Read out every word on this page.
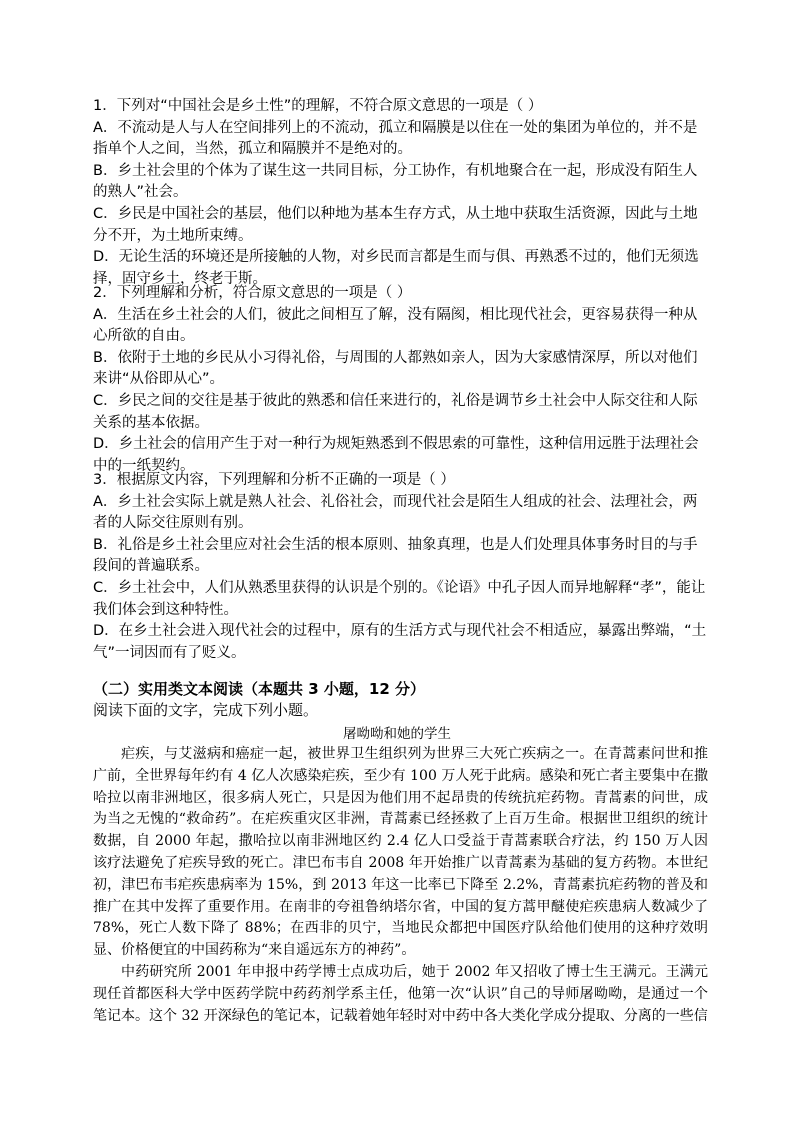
1．下列对“中国社会是乡土性”的理解，不符合原文意思的一项是（ ）

A．不流动是人与人在空间排列上的不流动，孤立和隔膜是以住在一处的集团为单位的，并不是指单个人之间，当然，孤立和隔膜并不是绝对的。

B．乡土社会里的个体为了谋生这一共同目标，分工协作，有机地聚合在一起，形成没有陌生人的熟人”社会。

C．乡民是中国社会的基层，他们以种地为基本生存方式，从土地中获取生活资源，因此与土地分不开，为土地所束缚。

D．无论生活的环境还是所接触的人物，对乡民而言都是生而与俱、再熟悉不过的，他们无须选择，固守乡土，终老于斯。

2．下列理解和分析，符合原文意思的一项是（ ）

A．生活在乡土社会的人们，彼此之间相互了解，没有隔阂，相比现代社会，更容易获得一种从心所欲的自由。

B．依附于土地的乡民从小习得礼俗，与周围的人都熟如亲人，因为大家感情深厚，所以对他们来讲“从俗即从心”。

C．乡民之间的交往是基于彼此的熟悉和信任来进行的，礼俗是调节乡土社会中人际交往和人际关系的基本依据。

D．乡土社会的信用产生于对一种行为规矩熟悉到不假思索的可靠性，这种信用远胜于法理社会中的一纸契约。

3．根据原文内容，下列理解和分析不正确的一项是（ ）

A．乡土社会实际上就是熟人社会、礼俗社会，而现代社会是陌生人组成的社会、法理社会，两者的人际交往原则有别。

B．礼俗是乡土社会里应对社会生活的根本原则、抽象真理，也是人们处理具体事务时目的与手段间的普遍联系。

C．乡土社会中，人们从熟悉里获得的认识是个别的。《论语》中孔子因人而异地解释“孝”，能让我们体会到这种特性。

D．在乡土社会进入现代社会的过程中，原有的生活方式与现代社会不相适应，暴露出弊端，“土气”一词因而有了贬义。

（二）实用类文本阅读（本题共 3 小题，12 分）

阅读下面的文字，完成下列小题。

屠呦呦和她的学生

疟疾，与艾滋病和癌症一起，被世界卫生组织列为世界三大死亡疾病之一。在青蒿素问世和推广前，全世界每年约有 4 亿人次感染疟疾，至少有 100 万人死于此病。感染和死亡者主要集中在撒哈拉以南非洲地区，很多病人死亡，只是因为他们用不起昂贵的传统抗疟药物。青蒿素的问世，成为当之无愧的“救命药”。在疟疾重灾区非洲，青蒿素已经拯救了上百万生命。根据世卫组织的统计数据，自 2000 年起，撒哈拉以南非洲地区约 2.4 亿人口受益于青蒿素联合疗法，约 150 万人因该疗法避免了疟疾导致的死亡。津巴布韦自 2008 年开始推广以青蒿素为基础的复方药物。本世纪初，津巴布韦疟疾患病率为 15%，到 2013 年这一比率已下降至 2.2%，青蒿素抗疟药物的普及和推广在其中发挥了重要作用。在南非的夸祖鲁纳塔尔省，中国的复方蒿甲醚使疟疾患病人数减少了 78%，死亡人数下降了 88%；在西非的贝宁，当地民众都把中国医疗队给他们使用的这种疗效明显、价格便宜的中国药称为“来自遥远东方的神药”。

中药研究所 2001 年申报中药学博士点成功后，她于 2002 年又招收了博士生王满元。王满元现任首都医科大学中医药学院中药药剂学系主任，他第一次“认识”自己的导师屠呦呦，是通过一个笔记本。这个 32 开深绿色的笔记本，记载着她年轻时对中药中各大类化学成分提取、分离的一些信
